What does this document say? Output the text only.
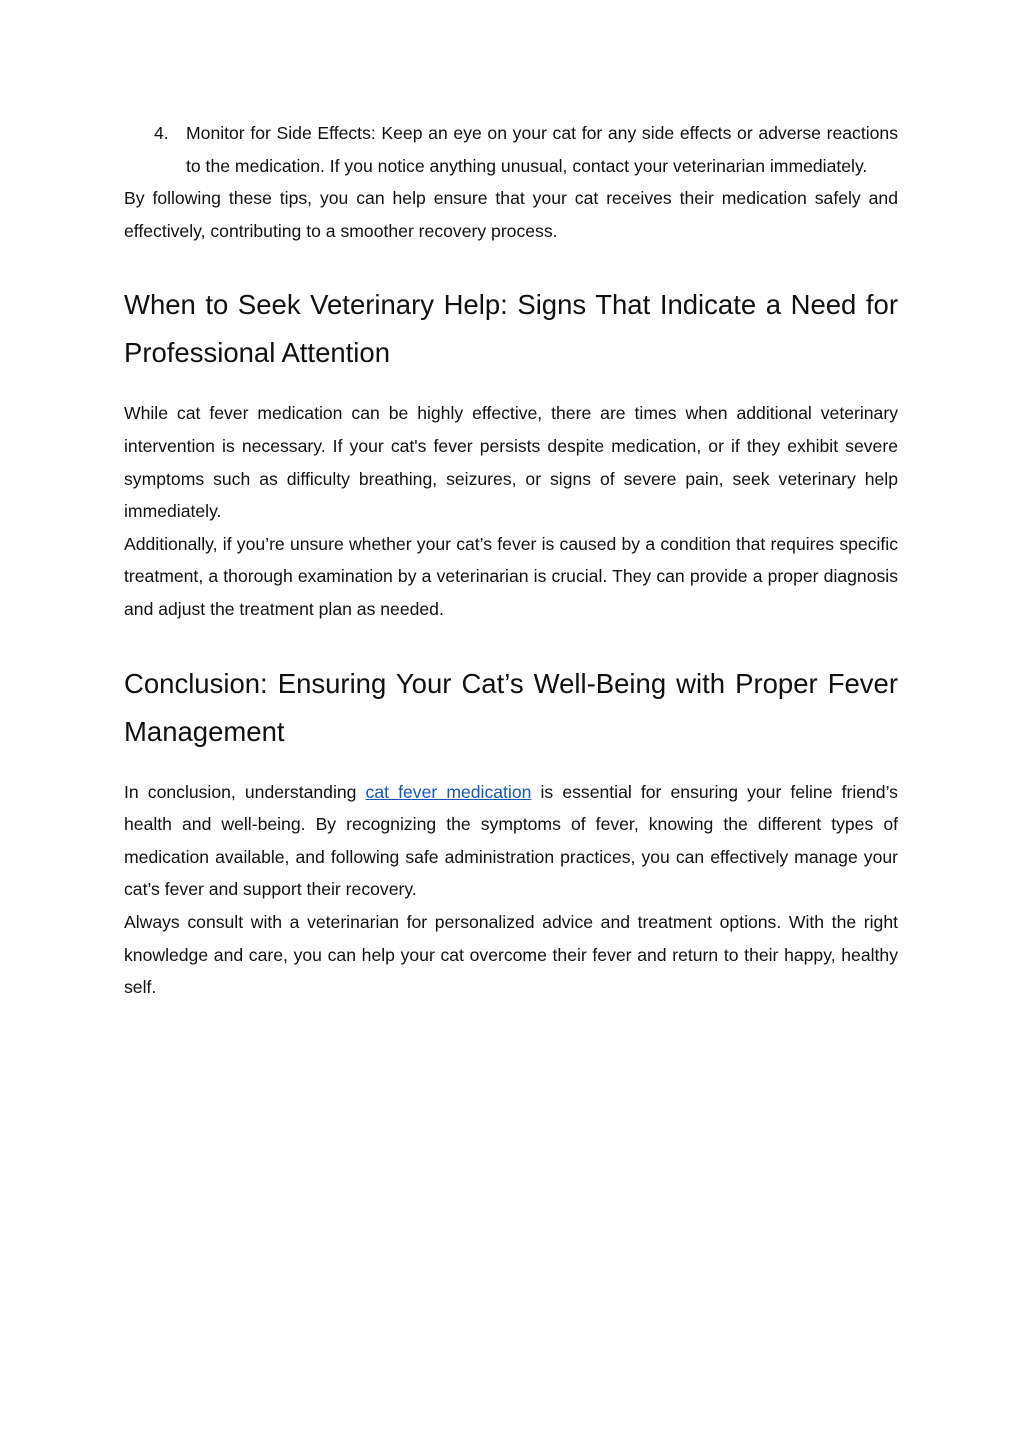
4. Monitor for Side Effects: Keep an eye on your cat for any side effects or adverse reactions to the medication. If you notice anything unusual, contact your veterinarian immediately.

By following these tips, you can help ensure that your cat receives their medication safely and effectively, contributing to a smoother recovery process.

When to Seek Veterinary Help: Signs That Indicate a Need for Professional Attention

While cat fever medication can be highly effective, there are times when additional veterinary intervention is necessary. If your cat's fever persists despite medication, or if they exhibit severe symptoms such as difficulty breathing, seizures, or signs of severe pain, seek veterinary help immediately.

Additionally, if you’re unsure whether your cat’s fever is caused by a condition that requires specific treatment, a thorough examination by a veterinarian is crucial. They can provide a proper diagnosis and adjust the treatment plan as needed.

Conclusion: Ensuring Your Cat’s Well-Being with Proper Fever Management

In conclusion, understanding cat fever medication is essential for ensuring your feline friend’s health and well-being. By recognizing the symptoms of fever, knowing the different types of medication available, and following safe administration practices, you can effectively manage your cat’s fever and support their recovery.

Always consult with a veterinarian for personalized advice and treatment options. With the right knowledge and care, you can help your cat overcome their fever and return to their happy, healthy self.
